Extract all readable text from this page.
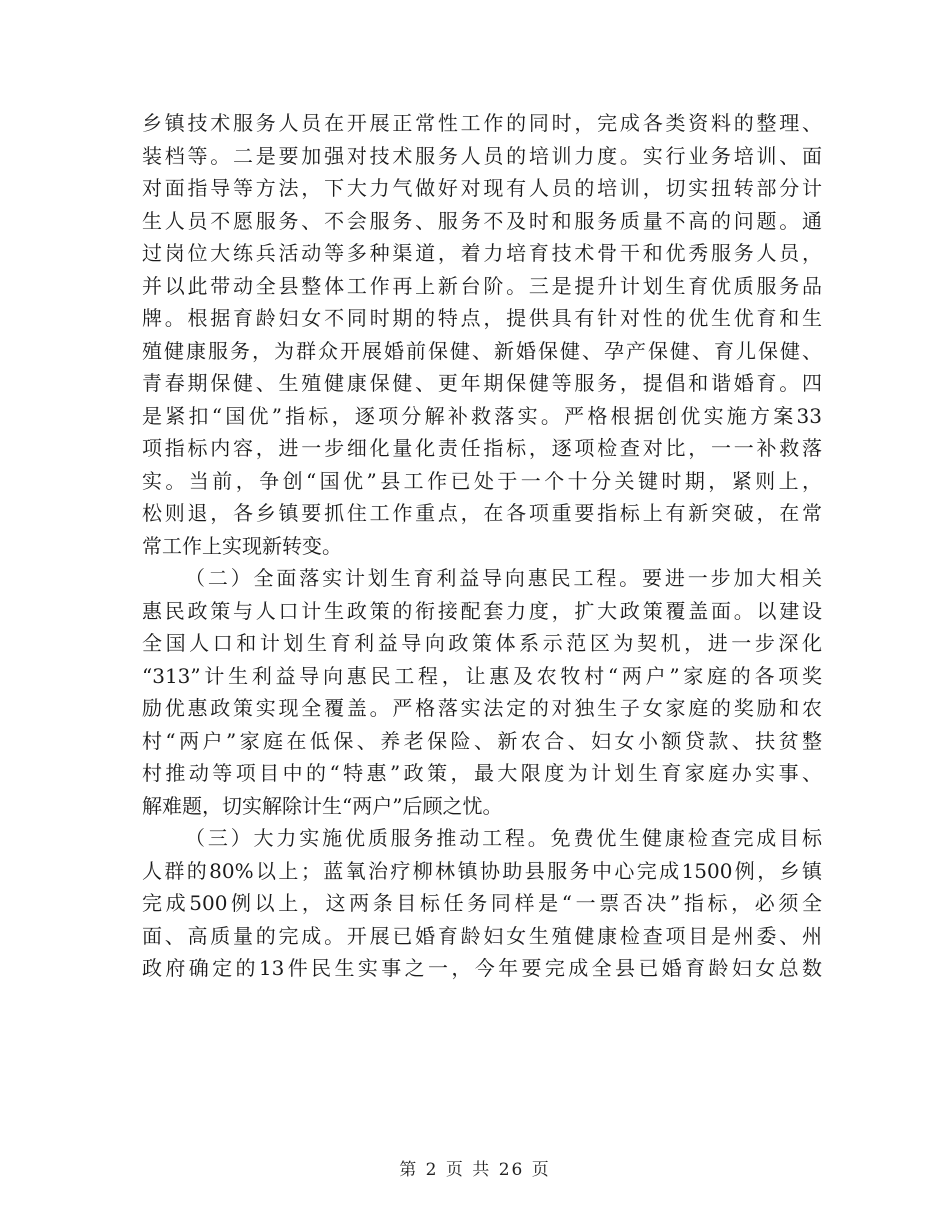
乡镇技术服务人员在开展正常性工作的同时，完成各类资料的整理、
装档等。二是要加强对技术服务人员的培训力度。实行业务培训、面
对面指导等方法，下大力气做好对现有人员的培训，切实扭转部分计
生人员不愿服务、不会服务、服务不及时和服务质量不高的问题。通
过岗位大练兵活动等多种渠道，着力培育技术骨干和优秀服务人员，
并以此带动全县整体工作再上新台阶。三是提升计划生育优质服务品
牌。根据育龄妇女不同时期的特点，提供具有针对性的优生优育和生
殖健康服务，为群众开展婚前保健、新婚保健、孕产保健、育儿保健、
青春期保健、生殖健康保健、更年期保健等服务，提倡和谐婚育。四
是紧扣“国优”指标，逐项分解补救落实。严格根据创优实施方案33
项指标内容，进一步细化量化责任指标，逐项检查对比，一一补救落
实。当前，争创“国优”县工作已处于一个十分关键时期，紧则上，
松则退，各乡镇要抓住工作重点，在各项重要指标上有新突破，在常
常工作上实现新转变。
（二）全面落实计划生育利益导向惠民工程。要进一步加大相关
惠民政策与人口计生政策的衔接配套力度，扩大政策覆盖面。以建设
全国人口和计划生育利益导向政策体系示范区为契机，进一步深化
“313”计生利益导向惠民工程，让惠及农牧村“两户”家庭的各项奖
励优惠政策实现全覆盖。严格落实法定的对独生子女家庭的奖励和农
村“两户”家庭在低保、养老保险、新农合、妇女小额贷款、扶贫整
村推动等项目中的“特惠”政策，最大限度为计划生育家庭办实事、
解难题，切实解除计生“两户”后顾之忧。
（三）大力实施优质服务推动工程。免费优生健康检查完成目标
人群的80%以上；蓝氧治疗柳林镇协助县服务中心完成1500例，乡镇
完成500例以上，这两条目标任务同样是“一票否决”指标，必须全
面、高质量的完成。开展已婚育龄妇女生殖健康检查项目是州委、州
政府确定的13件民生实事之一，今年要完成全县已婚育龄妇女总数
第 2 页 共 26 页
